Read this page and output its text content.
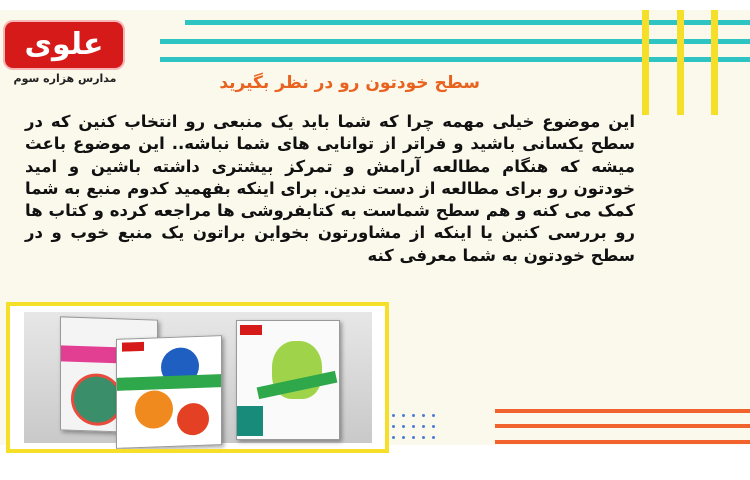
علوی
مدارس هزاره سوم	سطح خودتون رو در نظر بگیرید
این موضوع خیلی مهمه چرا که شما باید یک منبعی رو انتخاب کنین که در سطح یکسانی باشید و فراتر از توانایی های شما نباشه.. این موضوع باعث میشه که هنگام مطالعه آرامش و تمرکز بیشتری داشته باشین و امید خودتون رو برای مطالعه از دست ندین. برای اینکه بفهمید کدوم منبع به شما کمک می کنه و هم سطح شماست به کتابفروشی ها مراجعه کرده و کتاب ها رو بررسی کنین یا اینکه از مشاورتون بخواین براتون یک منبع خوب و در سطح خودتون به شما معرفی کنه
